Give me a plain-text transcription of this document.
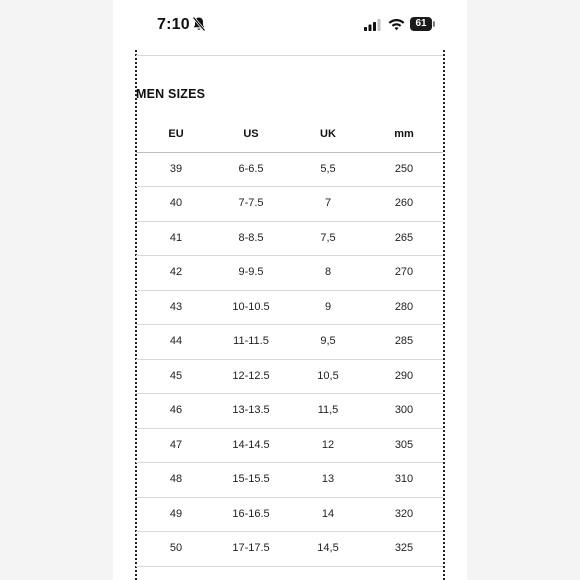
7:10	61
MEN SIZES
EU	US	UK	mm
39	6-6.5	5,5	250
40	7-7.5	7	260
41	8-8.5	7,5	265
42	9-9.5	8	270
43	10-10.5	9	280
44	11-11.5	9,5	285
45	12-12.5	10,5	290
46	13-13.5	11,5	300
47	14-14.5	12	305
48	15-15.5	13	310
49	16-16.5	14	320
50	17-17.5	14,5	325
